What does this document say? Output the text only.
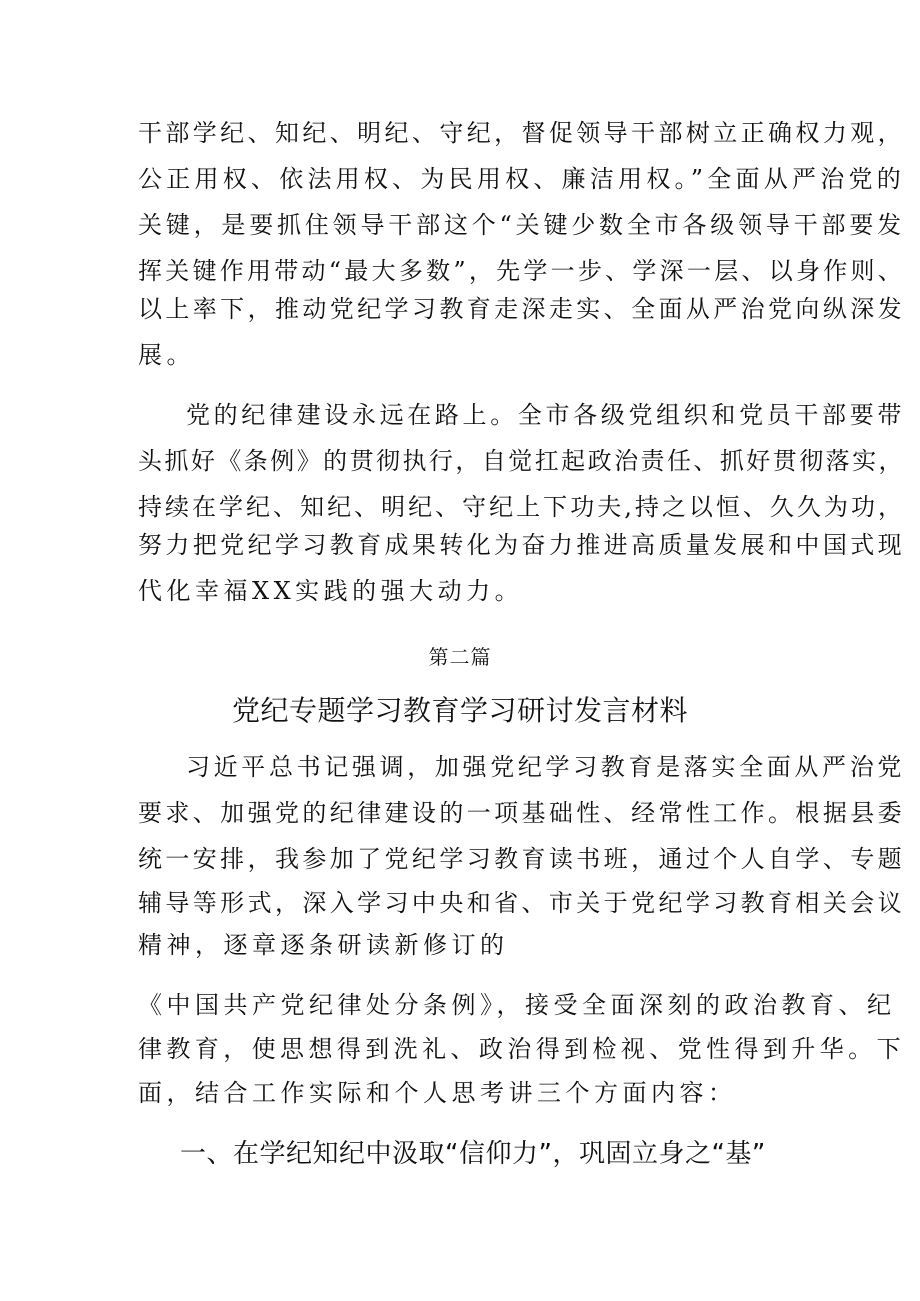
干部学纪、知纪、明纪、守纪，督促领导干部树立正确权力观，
公正用权、依法用权、为民用权、廉洁用权。”全面从严治党的
关键，是要抓住领导干部这个“关键少数全市各级领导干部要发
挥关键作用带动“最大多数”，先学一步、学深一层、以身作则、
以上率下，推动党纪学习教育走深走实、全面从严治党向纵深发
展。
党的纪律建设永远在路上。全市各级党组织和党员干部要带
头抓好《条例》的贯彻执行，自觉扛起政治责任、抓好贯彻落实，
持续在学纪、知纪、明纪、守纪上下功夫,持之以恒、久久为功，
努力把党纪学习教育成果转化为奋力推进高质量发展和中国式现
代化幸福XX实践的强大动力。
第二篇
党纪专题学习教育学习研讨发言材料
习近平总书记强调，加强党纪学习教育是落实全面从严治党
要求、加强党的纪律建设的一项基础性、经常性工作。根据县委
统一安排，我参加了党纪学习教育读书班，通过个人自学、专题
辅导等形式，深入学习中央和省、市关于党纪学习教育相关会议
精神，逐章逐条研读新修订的
《中国共产党纪律处分条例》，接受全面深刻的政治教育、纪
律教育，使思想得到洗礼、政治得到检视、党性得到升华。下
面，结合工作实际和个人思考讲三个方面内容：
一、在学纪知纪中汲取“信仰力”，巩固立身之“基”
